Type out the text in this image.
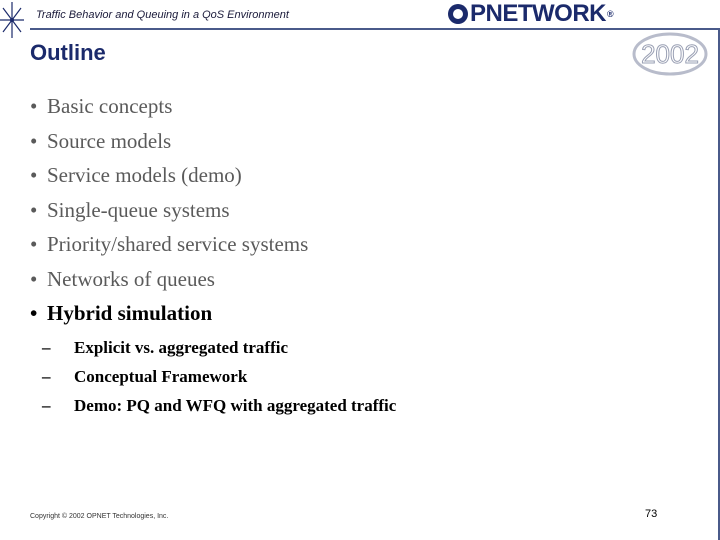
Traffic Behavior and Queuing in a QoS Environment	PNETWORK ®
2002
Outline
• Basic concepts
• Source models
• Service models (demo)
• Single-queue systems
• Priority/shared service systems
• Networks of queues
• Hybrid simulation
– Explicit vs. aggregated traffic
– Conceptual Framework
– Demo: PQ and WFQ with aggregated traffic
Copyright © 2002 OPNET Technologies, Inc.	73
